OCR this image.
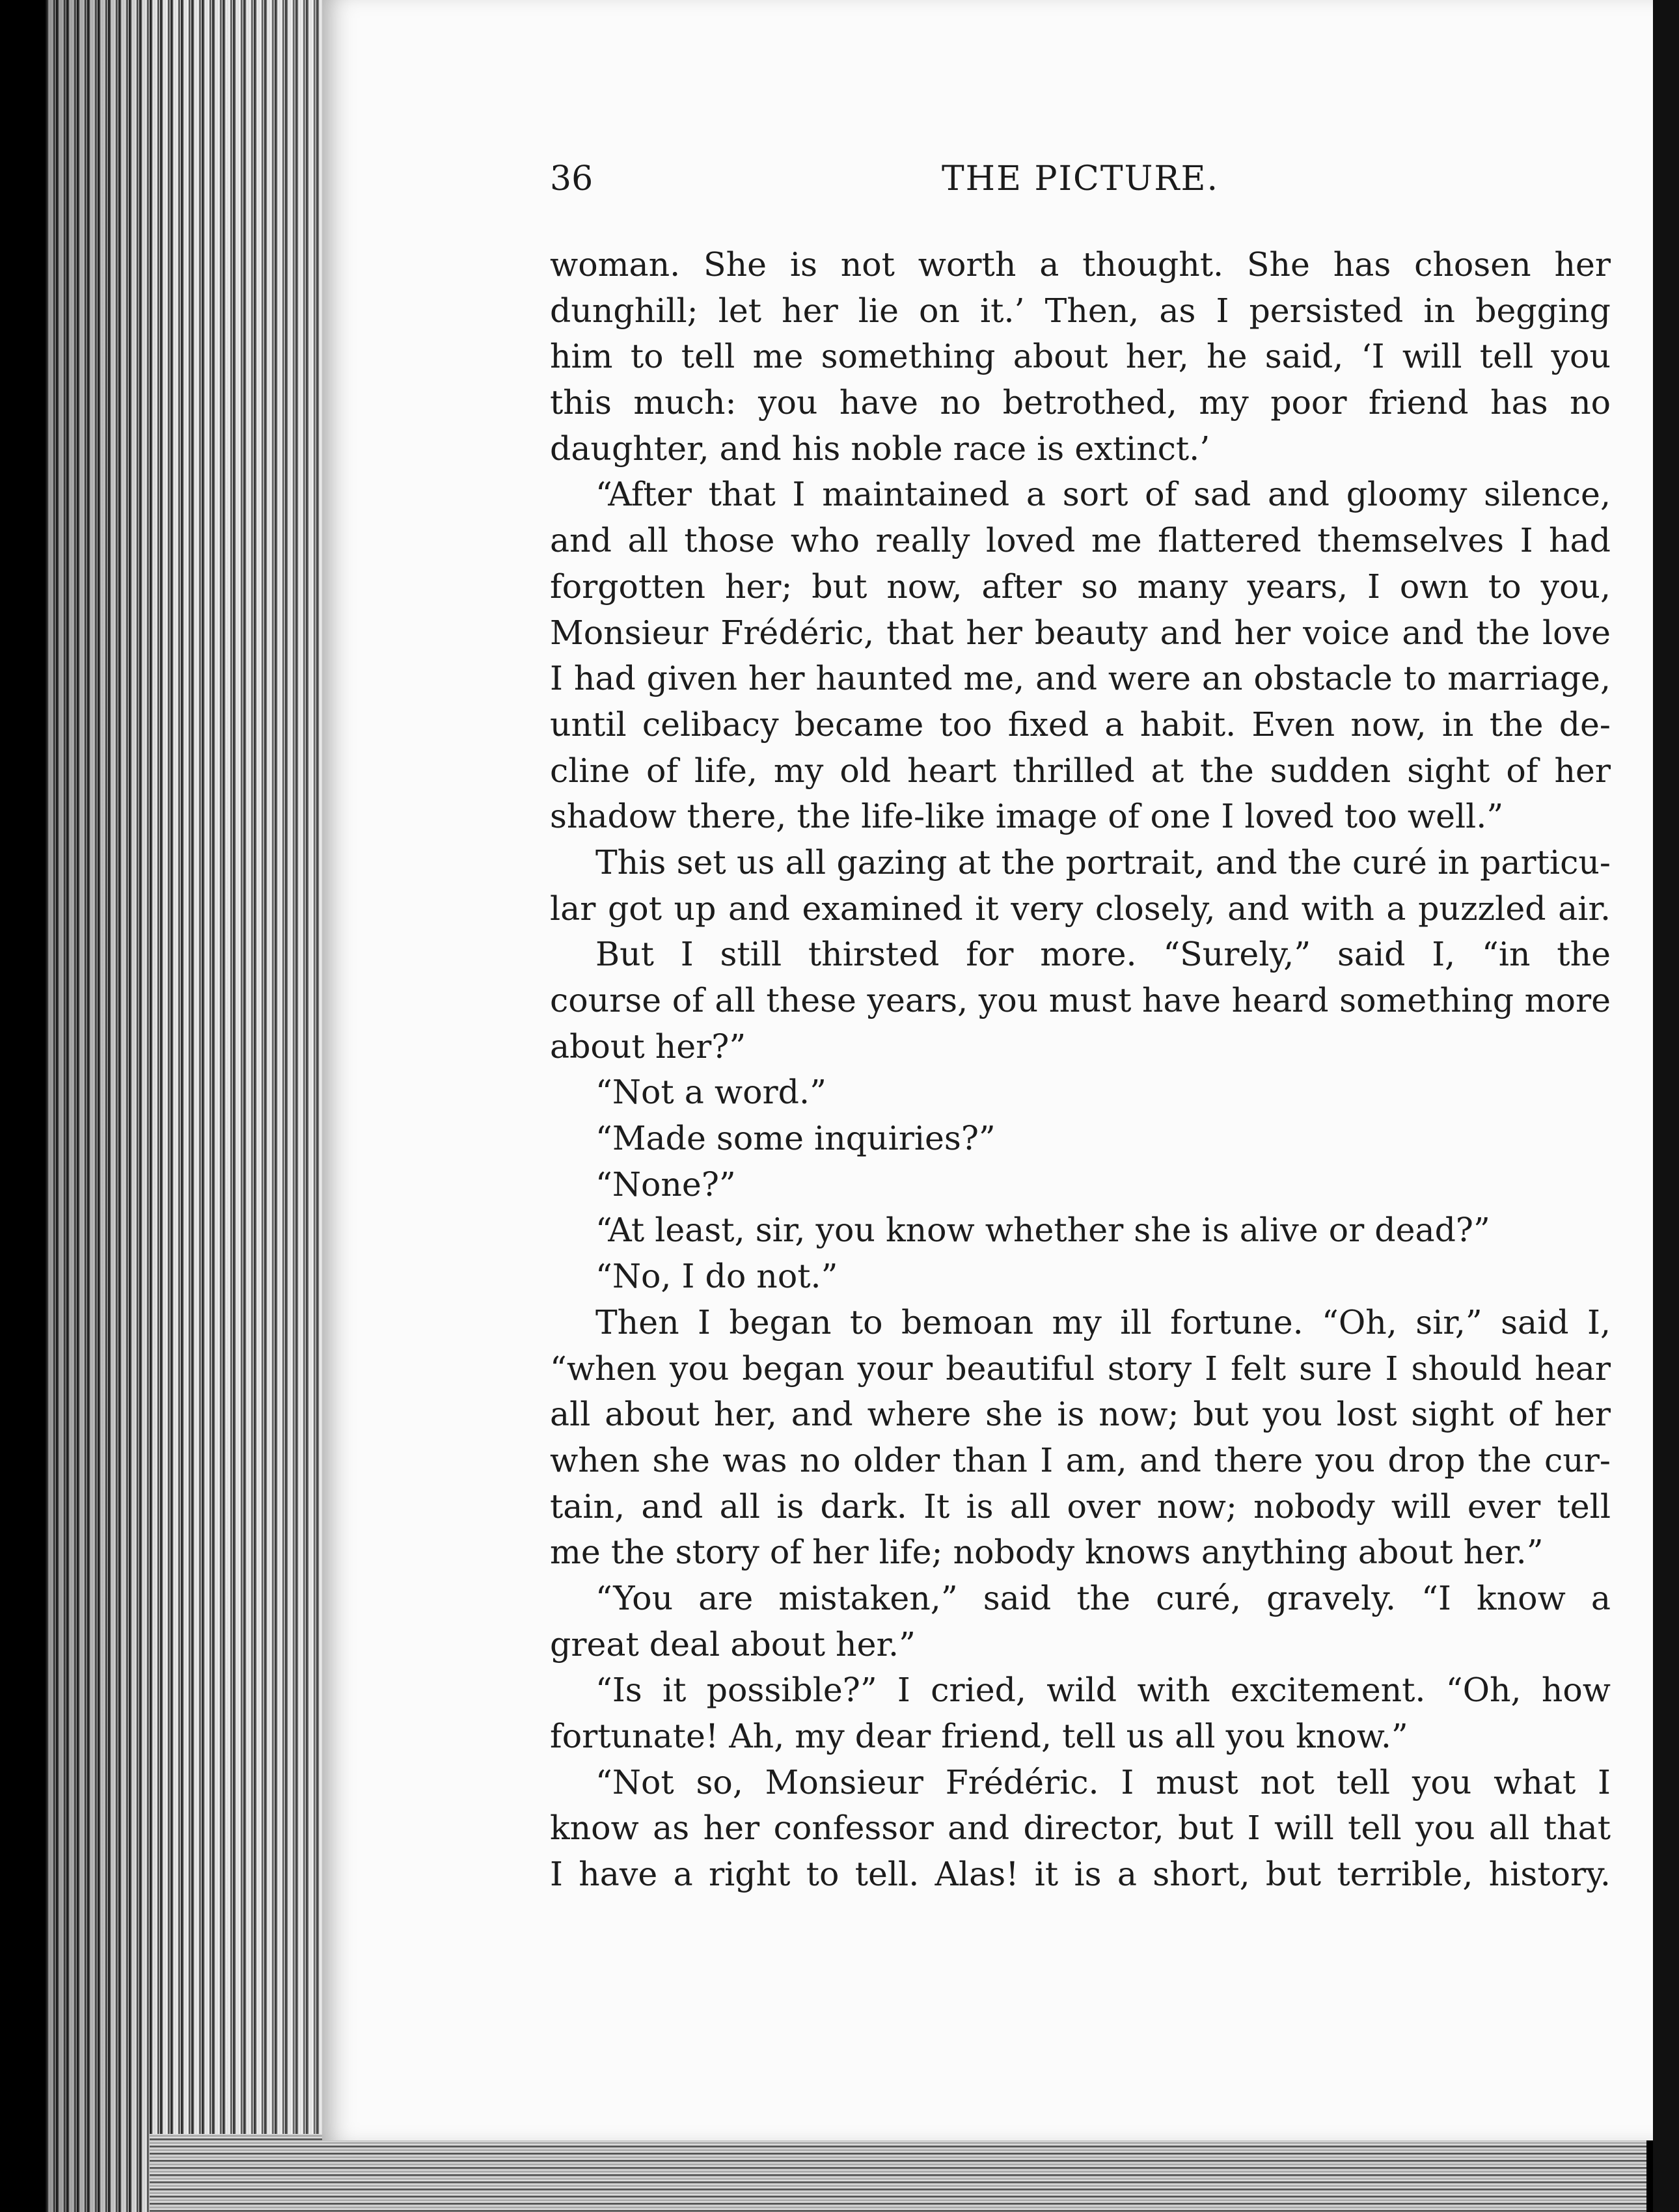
36	THE PICTURE.
woman. She is not worth a thought. She has chosen her
dunghill; let her lie on it.’ Then, as I persisted in begging
him to tell me something about her, he said, ‘I will tell you
this much: you have no betrothed, my poor friend has no
daughter, and his noble race is extinct.’
“After that I maintained a sort of sad and gloomy silence,
and all those who really loved me flattered themselves I had
forgotten her; but now, after so many years, I own to you,
Monsieur Frédéric, that her beauty and her voice and the love
I had given her haunted me, and were an obstacle to marriage,
until celibacy became too fixed a habit. Even now, in the de-
cline of life, my old heart thrilled at the sudden sight of her
shadow there, the life-like image of one I loved too well.”
This set us all gazing at the portrait, and the curé in particu-
lar got up and examined it very closely, and with a puzzled air.
But I still thirsted for more. “Surely,” said I, “in the
course of all these years, you must have heard something more
about her?”
“Not a word.”
“Made some inquiries?”
“None?”
“At least, sir, you know whether she is alive or dead?”
“No, I do not.”
Then I began to bemoan my ill fortune. “Oh, sir,” said I,
“when you began your beautiful story I felt sure I should hear
all about her, and where she is now; but you lost sight of her
when she was no older than I am, and there you drop the cur-
tain, and all is dark. It is all over now; nobody will ever tell
me the story of her life; nobody knows anything about her.”
“You are mistaken,” said the curé, gravely. “I know a
great deal about her.”
“Is it possible?” I cried, wild with excitement. “Oh, how
fortunate! Ah, my dear friend, tell us all you know.”
“Not so, Monsieur Frédéric. I must not tell you what I
know as her confessor and director, but I will tell you all that
I have a right to tell. Alas! it is a short, but terrible, history.
